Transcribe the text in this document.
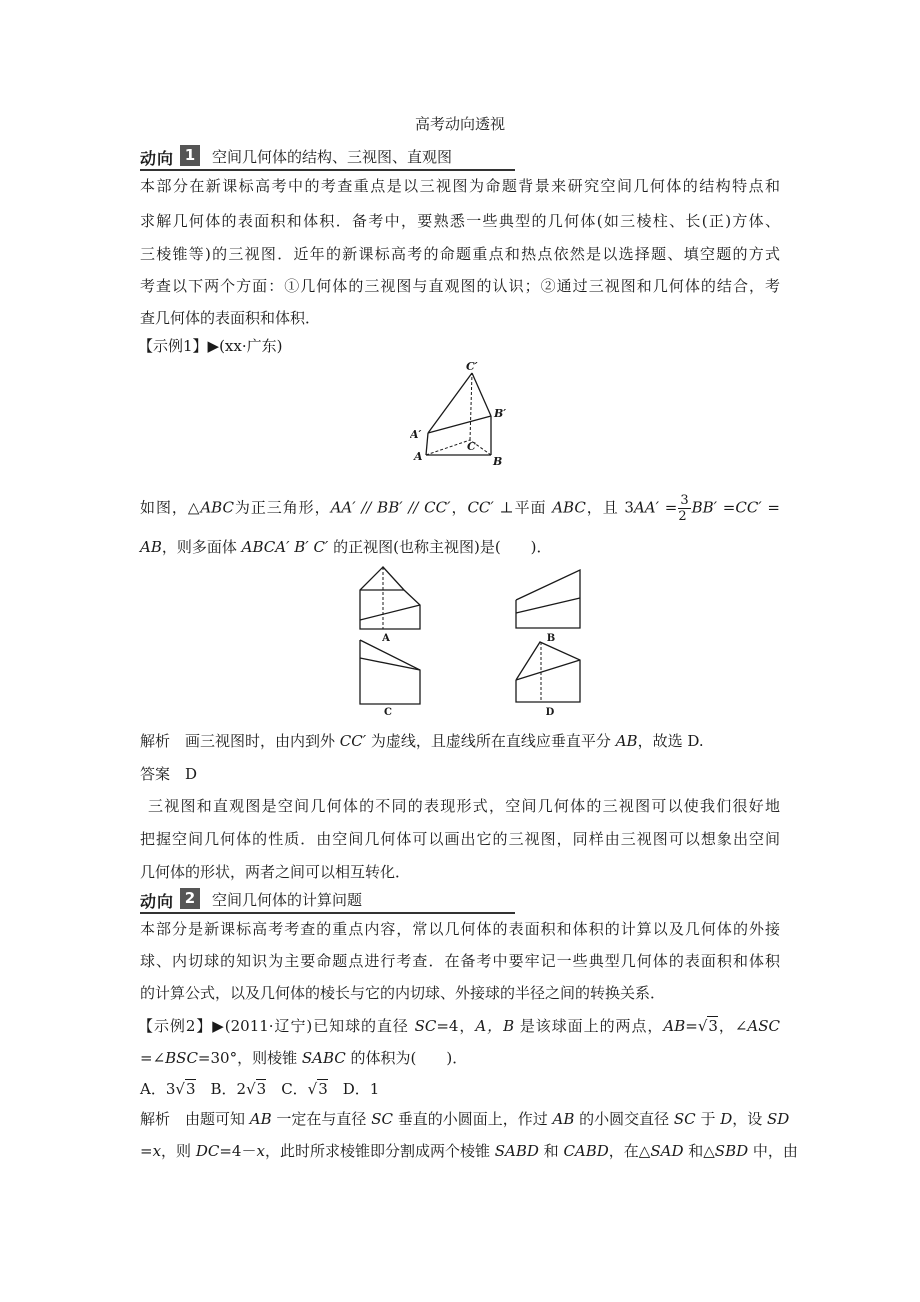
高考动向透视
动向 1	空间几何体的结构、三视图、直观图
本部分在新课标高考中的考查重点是以三视图为命题背景来研究空间几何体的结构特点和
求解几何体的表面积和体积．备考中，要熟悉一些典型的几何体(如三棱柱、长(正)方体、
三棱锥等)的三视图．近年的新课标高考的命题重点和热点依然是以选择题、填空题的方式
考查以下两个方面：①几何体的三视图与直观图的认识；②通过三视图和几何体的结合，考
查几何体的表面积和体积．
【示例1】▶(xx·广东)
C′
B′
A′
C
A	B
如图，△ABC为正三角形，AA′ // BB′ // CC′，CC′ ⊥平面 ABC，且 $3AA' = \frac{3}{2} BB' =CC'$ =
AB，则多面体 ABCA′ B′ C′ 的正视图(也称主视图)是(　　)．
A
C
B
D
解析　画三视图时，由内到外 CC′ 为虚线，且虚线所在直线应垂直平分 AB，故选 D.
答案　D
三视图和直观图是空间几何体的不同的表现形式，空间几何体的三视图可以使我们很好地
把握空间几何体的性质．由空间几何体可以画出它的三视图，同样由三视图可以想象出空间
几何体的形状，两者之间可以相互转化．
动向 2	空间几何体的计算问题
本部分是新课标高考考查的重点内容，常以几何体的表面积和体积的计算以及几何体的外接
球、内切球的知识为主要命题点进行考查．在备考中要牢记一些典型几何体的表面积和体积
的计算公式，以及几何体的棱长与它的内切球、外接球的半径之间的转换关系．
【示例2】▶(2011·辽宁)已知球的直径 SC=4，A，B 是该球面上的两点，AB=√3，∠ASC
=∠BSC=30°，则棱锥 SABC 的体积为(　　)．
A．3√3　B．2√3　C．√3　D．1
解析　由题可知 AB 一定在与直径 SC 垂直的小圆面上，作过 AB 的小圆交直径 SC 于 D，设 SD
=x，则 DC=4－x，此时所求棱锥即分割成两个棱锥 SABD 和 CABD，在△SAD 和△SBD 中，由
